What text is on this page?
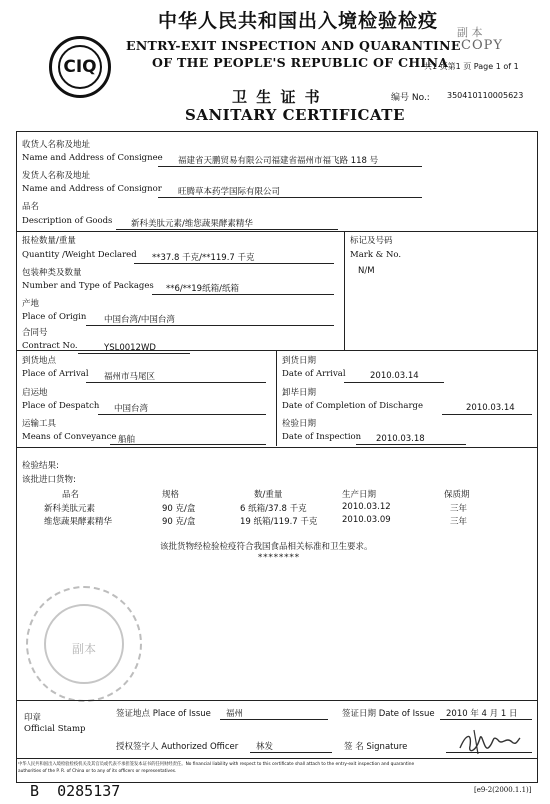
CIQ
中华人民共和国出入境检验检疫
ENTRY-EXIT INSPECTION AND QUARANTINE
OF THE PEOPLE'S REPUBLIC OF CHINA
副 本
COPY
共1 页第1 页 Page 1 of 1
卫 生 证 书
SANITARY CERTIFICATE
编号 No.: 350410110005623
收货人名称及地址
Name and Address of Consignee 福建省天鹏贸易有限公司福建省福州市福飞路 118 号
发货人名称及地址
Name and Address of Consignor 旺腾草本药学国际有限公司
品名
Description of Goods 新科美肽元素/维您蔬果酵素精华
报检数量/重量
Quantity /Weight Declared **37.8 千克/**119.7 千克
标记及号码
Mark & No.
N/M
包装种类及数量
Number and Type of Packages **6/**19纸箱/纸箱
产地
Place of Origin 中国台湾/中国台湾
合同号
Contract No.	YSL0012WD
到货地点
Place of Arrival 福州市马尾区
到货日期
Date of Arrival	2010.03.14
启运地
Place of Despatch 中国台湾
卸毕日期
Date of Completion of Discharge	2010.03.14
运输工具
Means of Conveyance 船舶
检验日期
Date of Inspection 2010.03.18
检验结果:
该批进口货物:
品名	规格	数/重量	生产日期	保质期
新科美肽元素	90 克/盒	6 纸箱/37.8 千克	2010.03.12	三年
维您蔬果酵素精华	90 克/盒	19 纸箱/119.7 千克	2010.03.09	三年
该批货物经检验检疫符合我国食品相关标准和卫生要求。
********
副本
印章
Official Stamp
签证地点 Place of Issue 福州	签证日期 Date of Issue 2010 年 4 月 1 日
授权签字人 Authorized Officer 林发	签 名 Signature
中华人民共和国出入境检验检疫机关及其官员或代表不承担签发本证书的任何财经责任。No financial liability with respect to this certificate shall attach to the entry-exit inspection and quarantine
authorities of the P. R. of China or to any of its officers or representatives.
B  0285137	[e9-2(2000.1.1)]
